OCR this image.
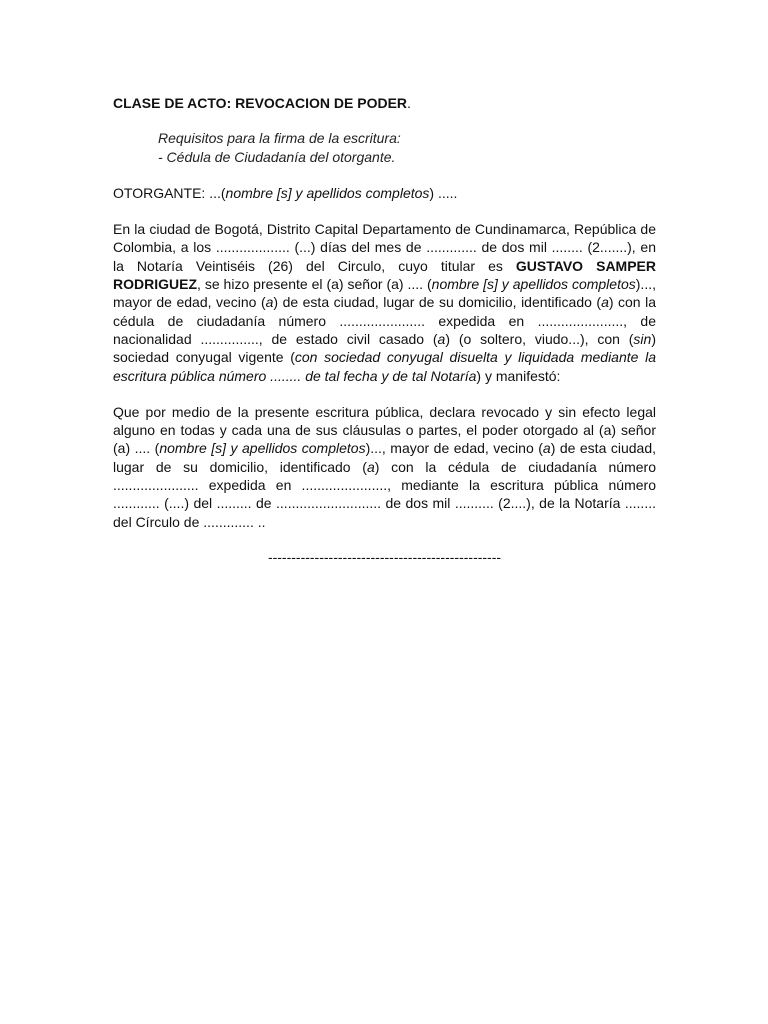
CLASE DE ACTO: REVOCACION DE PODER.
Requisitos para la firma de la escritura:
- Cédula de Ciudadanía del otorgante.

OTORGANTE: ...(nombre [s] y apellidos completos) .....

En la ciudad de Bogotá, Distrito Capital Departamento de Cundinamarca, República de Colombia, a los ................... (...) días del mes de ............. de dos mil ........ (2.......), en la Notaría Veintiséis (26) del Circulo, cuyo titular es GUSTAVO SAMPER RODRIGUEZ, se hizo presente el (a) señor (a) .... (nombre [s] y apellidos completos)..., mayor de edad, vecino (a) de esta ciudad, lugar de su domicilio, identificado (a) con la cédula de ciudadanía número ...................... expedida en ......................, de nacionalidad ..............., de estado civil casado (a) (o soltero, viudo...), con (sin) sociedad conyugal vigente (con sociedad conyugal disuelta y liquidada mediante la escritura pública número ........ de tal fecha y de tal Notaría) y manifestó:

Que por medio de la presente escritura pública, declara revocado y sin efecto legal alguno en todas y cada una de sus cláusulas o partes, el poder otorgado al (a) señor (a) .... (nombre [s] y apellidos completos)..., mayor de edad, vecino (a) de esta ciudad, lugar de su domicilio, identificado (a) con la cédula de ciudadanía número ...................... expedida en ......................, mediante la escritura pública número ............ (....) del ......... de ........................... de dos mil .......... (2....), de la Notaría ........ del Círculo de ............. ..

--------------------------------------------------
